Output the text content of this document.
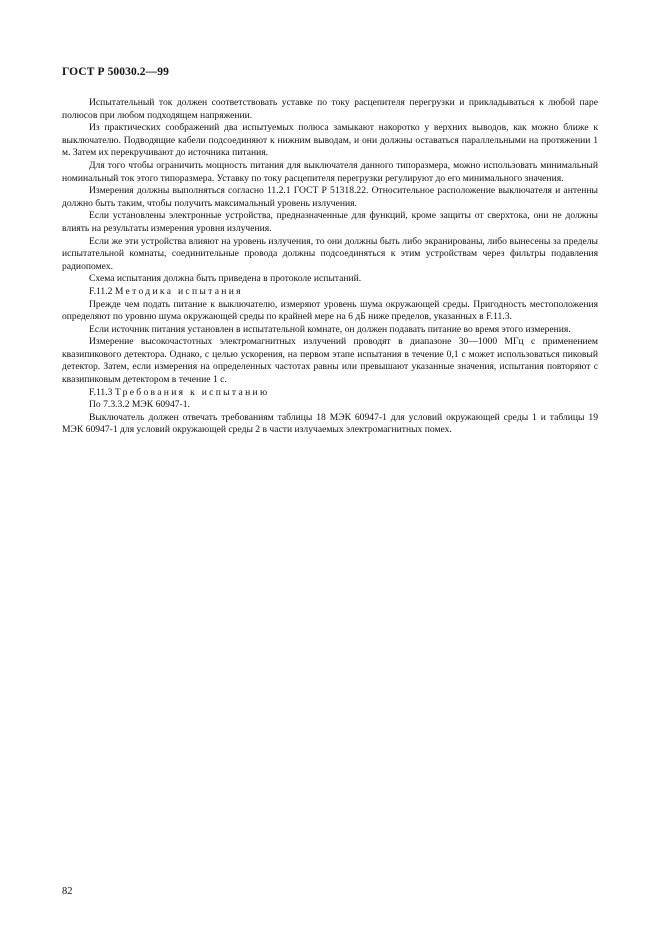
ГОСТ Р 50030.2—99

Испытательный ток должен соответствовать уставке по току расцепителя перегрузки и прикладываться к любой паре полюсов при любом подходящем напряжении.

Из практических соображений два испытуемых полюса замыкают накоротко у верхних выводов, как можно ближе к выключателю. Подводящие кабели подсоединяют к нижним выводам, и они должны оставаться параллельными на протяжении 1 м. Затем их перекручивают до источника питания.

Для того чтобы ограничить мощность питания для выключателя данного типоразмера, можно использовать минимальный номинальный ток этого типоразмера. Уставку по току расцепителя перегрузки регулируют до его минимального значения.

Измерения должны выполняться согласно 11.2.1 ГОСТ Р 51318.22. Относительное расположение выключателя и антенны должно быть таким, чтобы получить максимальный уровень излучения.

Если установлены электронные устройства, предназначенные для функций, кроме защиты от сверхтока, они не должны влиять на результаты измерения уровня излучения.

Если же эти устройства влияют на уровень излучения, то они должны быть либо экранированы, либо вынесены за пределы испытательной комнаты, соединительные провода должны подсоединяться к этим устройствам через фильтры подавления радиопомех.

Схема испытания должна быть приведена в протоколе испытаний.

F.11.2 Методика испытания

Прежде чем подать питание к выключателю, измеряют уровень шума окружающей среды. Пригодность местоположения определяют по уровню шума окружающей среды по крайней мере на 6 дБ ниже пределов, указанных в F.11.3.

Если источник питания установлен в испытательной комнате, он должен подавать питание во время этого измерения.

Измерение высокочастотных электромагнитных излучений проводят в диапазоне 30—1000 МГц с применением квазипикового детектора. Однако, с целью ускорения, на первом этапе испытания в течение 0,1 с может использоваться пиковый детектор. Затем, если измерения на определенных частотах равны или превышают указанные значения, испытания повторяют с квазипиковым детектором в течение 1 с.

F.11.3 Требования к испытанию

По 7.3.3.2 МЭК 60947-1.

Выключатель должен отвечать требованиям таблицы 18 МЭК 60947-1 для условий окружающей среды 1 и таблицы 19 МЭК 60947-1 для условий окружающей среды 2 в части излучаемых электромагнитных помех.

82
